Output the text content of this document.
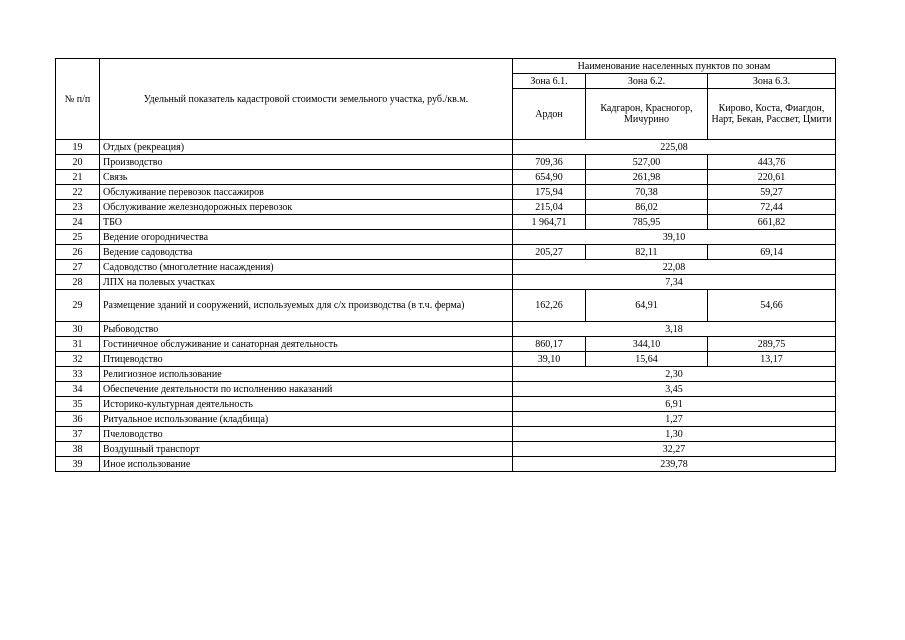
№ п/п	Удельный показатель кадастровой стоимости земельного участка, руб./кв.м.	Наименование населенных пунктов по зонам		
		Зона 6.1.	Зона 6.2.	Зона 6.3.
		Ардон	Кадгарон, Красногор, Мичурино	Кирово, Коста, Фиагдон, Нарт, Бекан, Рассвет, Цмити
19	Отдых (рекреация)	225,08		
20	Производство	709,36	527,00	443,76
21	Связь	654,90	261,98	220,61
22	Обслуживание перевозок пассажиров	175,94	70,38	59,27
23	Обслуживание железнодорожных перевозок	215,04	86,02	72,44
24	ТБО	1 964,71	785,95	661,82
25	Ведение огородничества	39,10		
26	Ведение садоводства	205,27	82,11	69,14
27	Садоводство (многолетние насаждения)	22,08		
28	ЛПХ на полевых участках	7,34		
29	Размещение зданий и сооружений, используемых для с/х производства (в т.ч. ферма)	162,26	64,91	54,66
30	Рыбоводство	3,18		
31	Гостиничное обслуживание и санаторная деятельность	860,17	344,10	289,75
32	Птицеводство	39,10	15,64	13,17
33	Религиозное использование	2,30		
34	Обеспечение деятельности по исполнению наказаний	3,45		
35	Историко-культурная деятельность	6,91		
36	Ритуальное использование (кладбища)	1,27		
37	Пчеловодство	1,30		
38	Воздушный транспорт	32,27		
39	Иное использование	239,78		
